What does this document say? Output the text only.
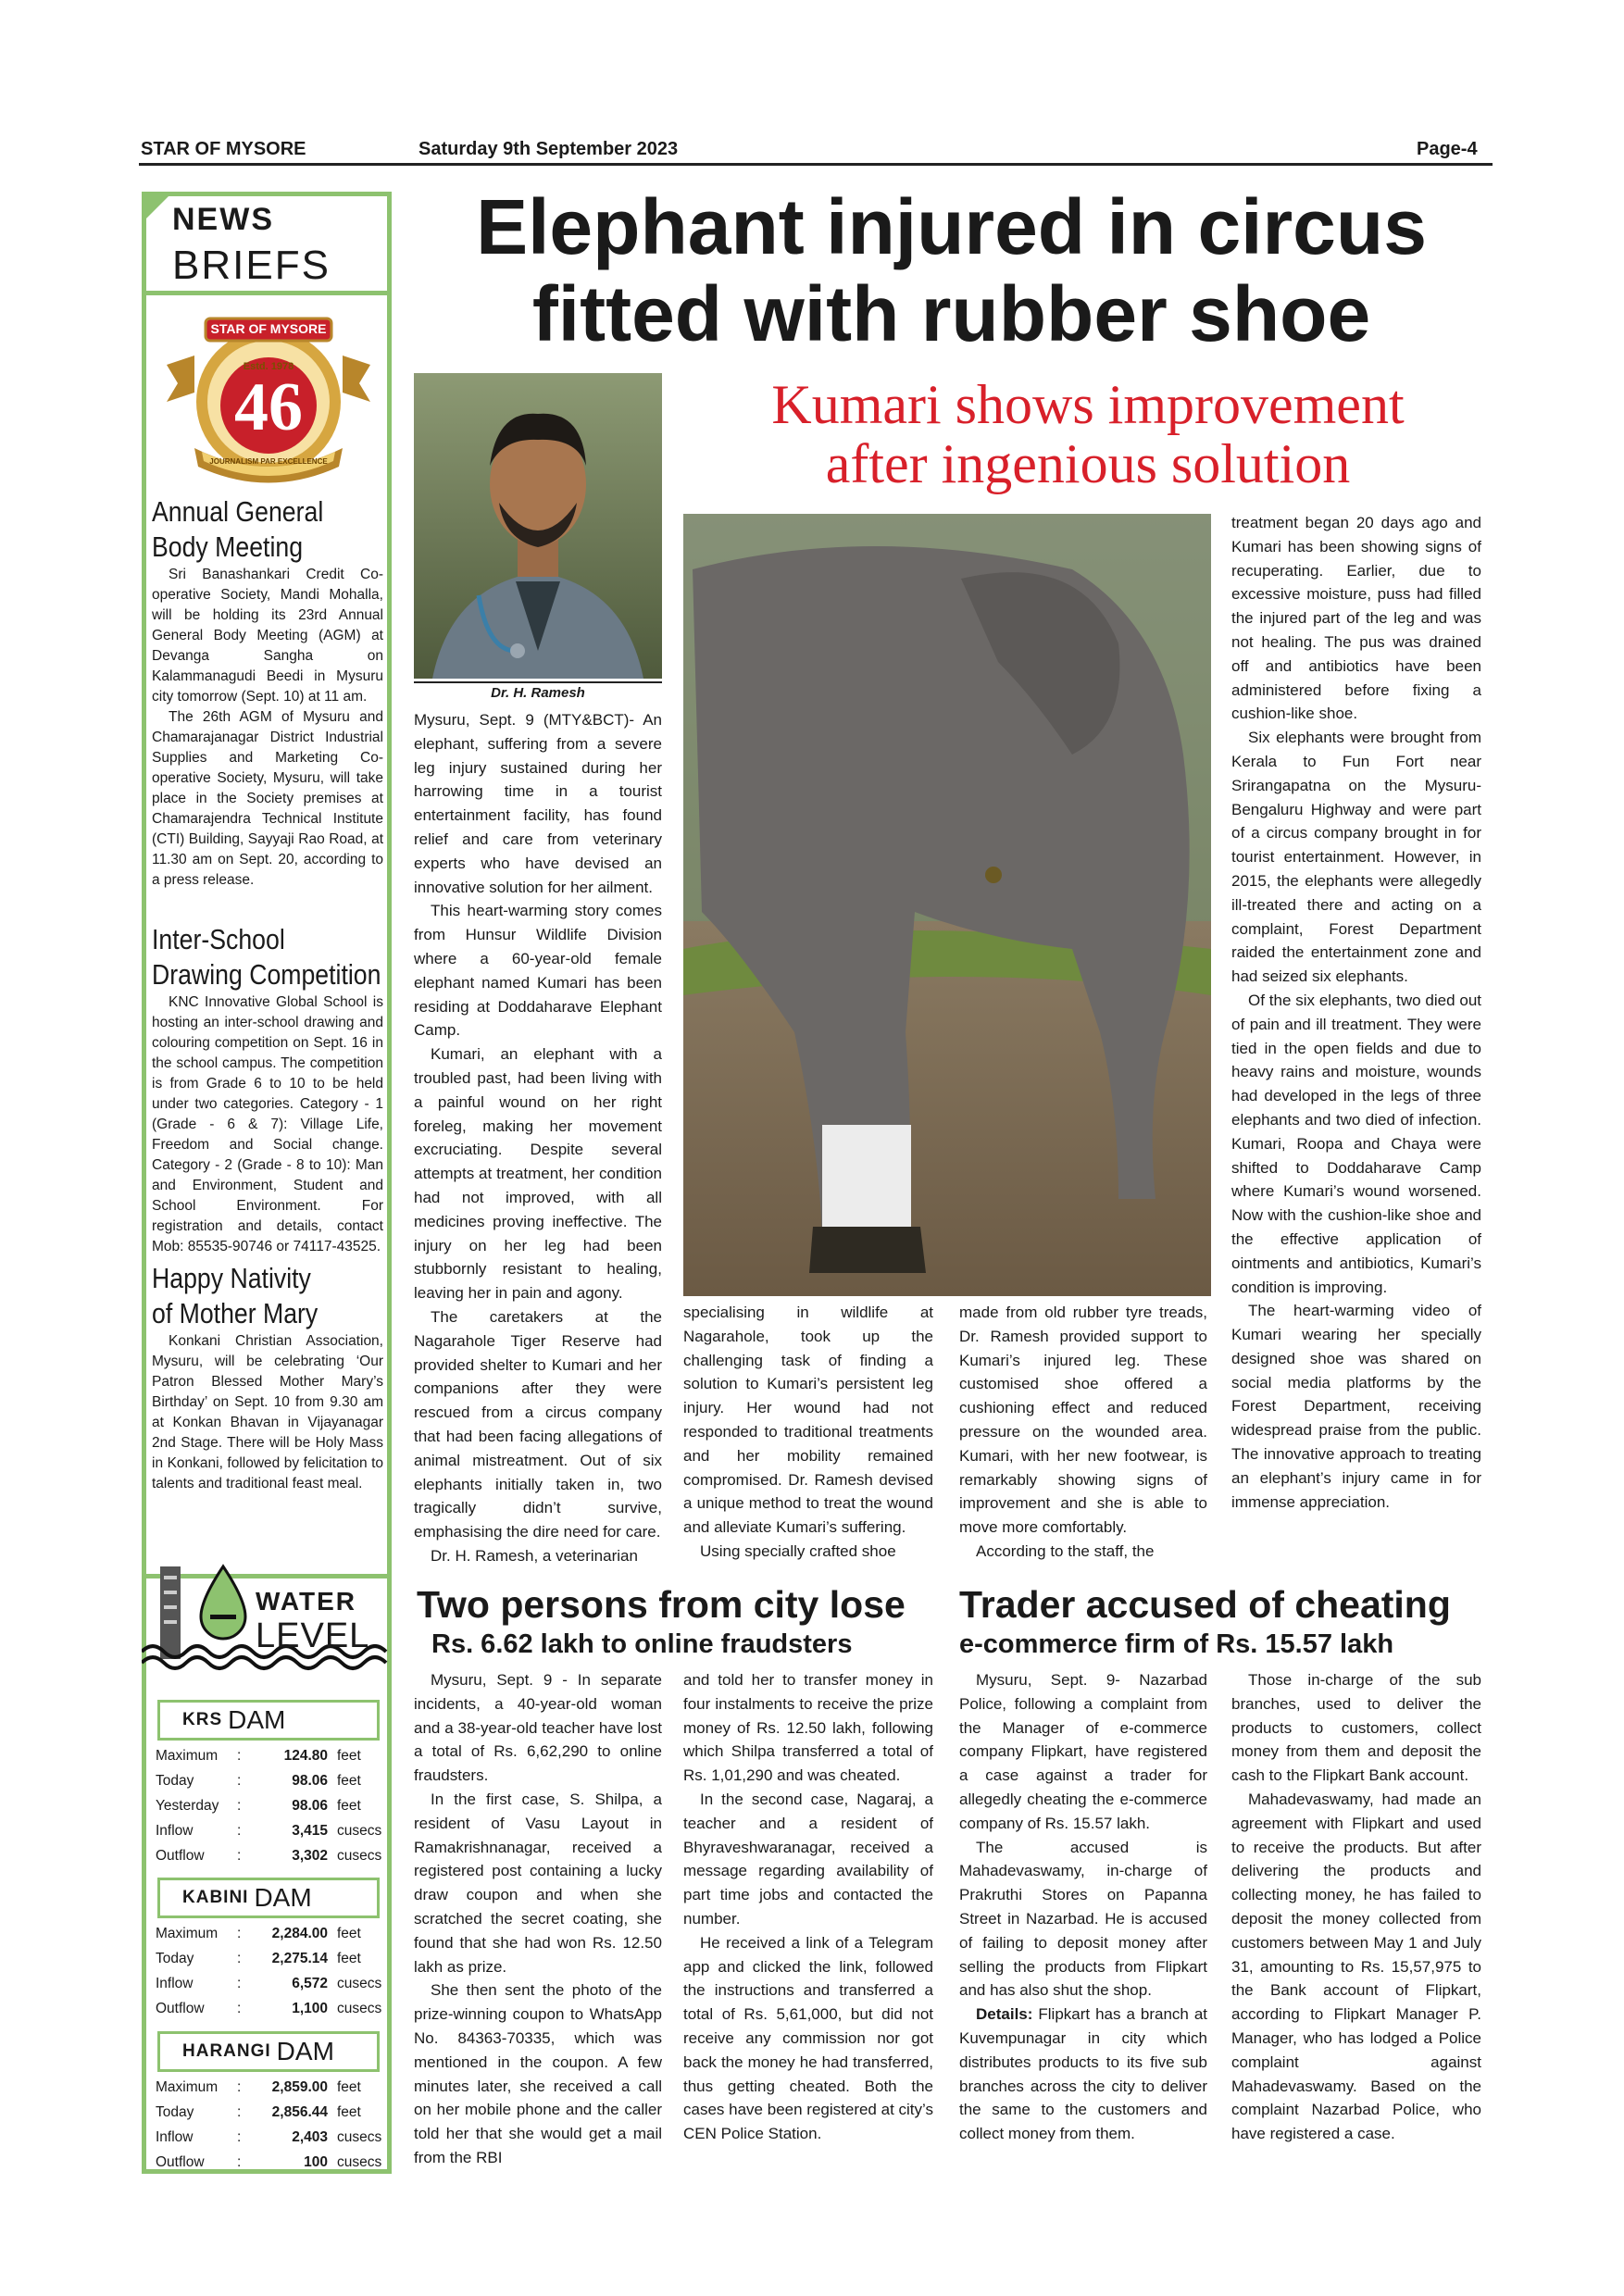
STAR OF MYSORE	Saturday 9th September 2023	Page-4
NEWS
BRIEFS
STAR OF MYSORE
Estd. 1978
46
JOURNALISM PAR EXCELLENCE
Annual General
Body Meeting

Sri Banashankari Credit Co-operative Society, Mandi Mohalla, will be holding its 23rd Annual General Body Meeting (AGM) at Devanga Sangha on Kalammanagudi Beedi in Mysuru city tomorrow (Sept. 10) at 11 am.

The 26th AGM of Mysuru and Chamarajanagar District Industrial Supplies and Marketing Co-operative Society, Mysuru, will take place in the Society premises at Chamarajendra Technical Institute (CTI) Building, Sayyaji Rao Road, at 11.30 am on Sept. 20, according to a press release.

Inter-School
Drawing Competition

KNC Innovative Global School is hosting an inter-school drawing and colouring competition on Sept. 16 in the school campus. The competition is from Grade 6 to 10 to be held under two categories. Category - 1 (Grade - 6 & 7): Village Life, Freedom and Social change. Category - 2 (Grade - 8 to 10): Man and Environment, Student and School Environment. For registration and details, contact Mob: 85535-90746 or 74117-43525.

Happy Nativity
of Mother Mary

Konkani Christian Association, Mysuru, will be celebrating ‘Our Patron Blessed Mother Mary’s Birthday’ on Sept. 10 from 9.30 am at Konkan Bhavan in Vijayanagar 2nd Stage. There will be Holy Mass in Konkani, followed by felicitation to talents and traditional feast meal.

WATER
LEVEL
KRS DAM
Maximum	:	124.80 feet
Today	:	98.06 feet
Yesterday	:	98.06 feet
Inflow	:	3,415 cusecs
Outflow	:	3,302 cusecs
KABINI DAM
Maximum	:	2,284.00 feet
Today	:	2,275.14 feet
Inflow	:	6,572 cusecs
Outflow	:	1,100 cusecs
HARANGI DAM
Maximum	:	2,859.00 feet
Today	:	2,856.44 feet
Inflow	:	2,403 cusecs
Outflow	:	100 cusecs
Elephant injured in circus
fitted with rubber shoe
Kumari shows improvement
after ingenious solution
Dr. H. Ramesh

Mysuru, Sept. 9 (MTY&BCT)- An elephant, suffering from a severe leg injury sustained during her harrowing time in a tourist entertainment facility, has found relief and care from veterinary experts who have devised an innovative solution for her ailment.

This heart-warming story comes from Hunsur Wildlife Division where a 60-year-old female elephant named Kumari has been residing at Doddaharave Elephant Camp.

Kumari, an elephant with a troubled past, had been living with a painful wound on her right foreleg, making her movement excruciating. Despite several attempts at treatment, her condition had not improved, with all medicines proving ineffective. The injury on her leg had been stubbornly resistant to healing, leaving her in pain and agony.

The caretakers at the Nagarahole Tiger Reserve had provided shelter to Kumari and her companions after they were rescued from a circus company that had been facing allegations of animal mistreatment. Out of six elephants initially taken in, two tragically didn’t survive, emphasising the dire need for care.

Dr. H. Ramesh, a veterinarian

specialising in wildlife at Nagarahole, took up the challenging task of finding a solution to Kumari’s persistent leg injury. Her wound had not responded to traditional treatments and her mobility remained compromised. Dr. Ramesh devised a unique method to treat the wound and alleviate Kumari’s suffering.

Using specially crafted shoe

made from old rubber tyre treads, Dr. Ramesh provided support to Kumari’s injured leg. These customised shoe offered a cushioning effect and reduced pressure on the wounded area. Kumari, with her new footwear, is remarkably showing signs of improvement and she is able to move more comfortably.

According to the staff, the

treatment began 20 days ago and Kumari has been showing signs of recuperating. Earlier, due to excessive moisture, puss had filled the injured part of the leg and was not healing. The pus was drained off and antibiotics have been administered before fixing a cushion-like shoe.

Six elephants were brought from Kerala to Fun Fort near Srirangapatna on the Mysuru-Bengaluru Highway and were part of a circus company brought in for tourist entertainment. However, in 2015, the elephants were allegedly ill-treated there and acting on a complaint, Forest Department raided the entertainment zone and had seized six elephants.

Of the six elephants, two died out of pain and ill treatment. They were tied in the open fields and due to heavy rains and moisture, wounds had developed in the legs of three elephants and two died of infection. Kumari, Roopa and Chaya were shifted to Doddaharave Camp where Kumari’s wound worsened. Now with the cushion-like shoe and the effective application of ointments and antibiotics, Kumari’s condition is improving.

The heart-warming video of Kumari wearing her specially designed shoe was shared on social media platforms by the Forest Department, receiving widespread praise from the public. The innovative approach to treating an elephant’s injury came in for immense appreciation.

Two persons from city lose
Rs. 6.62 lakh to online fraudsters

Mysuru, Sept. 9 - In separate incidents, a 40-year-old woman and a 38-year-old teacher have lost a total of Rs. 6,62,290 to online fraudsters.

In the first case, S. Shilpa, a resident of Vasu Layout in Ramakrishnanagar, received a registered post containing a lucky draw coupon and when she scratched the secret coating, she found that she had won Rs. 12.50 lakh as prize.

She then sent the photo of the prize-winning coupon to WhatsApp No. 84363-70335, which was mentioned in the coupon. A few minutes later, she received a call on her mobile phone and the caller told her that she would get a mail from the RBI

and told her to transfer money in four instalments to receive the prize money of Rs. 12.50 lakh, following which Shilpa transferred a total of Rs. 1,01,290 and was cheated.

In the second case, Nagaraj, a teacher and a resident of Bhyraveshwaranagar, received a message regarding availability of part time jobs and contacted the number.

He received a link of a Telegram app and clicked the link, followed the instructions and transferred a total of Rs. 5,61,000, but did not receive any commission nor got back the money he had transferred, thus getting cheated. Both the cases have been registered at city’s CEN Police Station.

Trader accused of cheating
e-commerce firm of Rs. 15.57 lakh

Mysuru, Sept. 9- Nazarbad Police, following a complaint from the Manager of e-commerce company Flipkart, have registered a case against a trader for allegedly cheating the e-commerce company of Rs. 15.57 lakh.

The accused is Mahadevaswamy, in-charge of Prakruthi Stores on Papanna Street in Nazarbad. He is accused of failing to deposit money after selling the products from Flipkart and has also shut the shop.

Details: Flipkart has a branch at Kuvempunagar in city which distributes products to its five sub branches across the city to deliver the same to the customers and collect money from them.

Those in-charge of the sub branches, used to deliver the products to customers, collect money from them and deposit the cash to the Flipkart Bank account.

Mahadevaswamy, had made an agreement with Flipkart and used to receive the products. But after delivering the products and collecting money, he has failed to deposit the money collected from customers between May 1 and July 31, amounting to Rs. 15,57,975 to the Bank account of Flipkart, according to Flipkart Manager P. Manager, who has lodged a Police complaint against Mahadevaswamy. Based on the complaint Nazarbad Police, who have registered a case.
